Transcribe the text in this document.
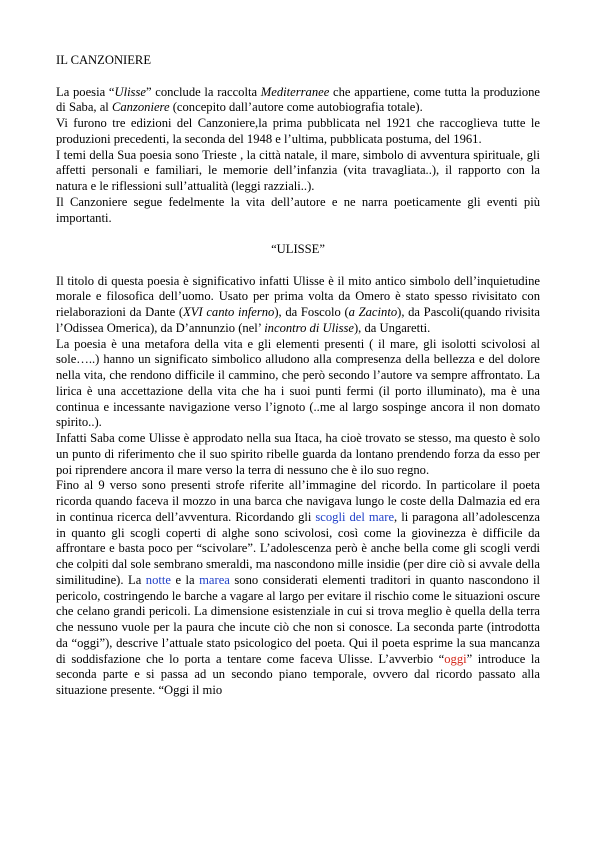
IL CANZONIERE

La poesia “Ulisse” conclude la raccolta Mediterranee che appartiene, come tutta la produzione di Saba, al Canzoniere (concepito dall’autore come autobiografia totale).

Vi furono tre edizioni del Canzoniere,la prima pubblicata nel 1921 che raccoglieva tutte le produzioni precedenti, la seconda del 1948 e l’ultima, pubblicata postuma, del 1961.

I temi della Sua poesia sono Trieste , la città natale, il mare, simbolo di avventura spirituale, gli affetti personali e familiari, le memorie dell’infanzia (vita travagliata..), il rapporto con la natura e le riflessioni sull’attualità (leggi razziali..).

Il Canzoniere segue fedelmente la vita dell’autore e ne narra poeticamente gli eventi più importanti.

“ULISSE”

Il titolo di questa poesia è significativo infatti Ulisse è il mito antico simbolo dell’inquietudine morale e filosofica dell’uomo. Usato per prima volta da Omero è stato spesso rivisitato con rielaborazioni da Dante (XVI canto inferno), da Foscolo (a Zacinto), da Pascoli(quando rivisita l’Odissea Omerica), da D’annunzio (nel’ incontro di Ulisse), da Ungaretti.

La poesia è una metafora della vita e gli elementi presenti ( il mare, gli isolotti scivolosi al sole…..) hanno un significato simbolico alludono alla compresenza della bellezza e del dolore nella vita, che rendono difficile il cammino, che però secondo l’autore va sempre affrontato. La lirica è una accettazione della vita che ha i suoi punti fermi (il porto illuminato), ma è una continua e incessante navigazione verso l’ignoto (..me al largo sospinge ancora il non domato spirito..).

Infatti Saba come Ulisse è approdato nella sua Itaca, ha cioè trovato se stesso, ma questo è solo un punto di riferimento che il suo spirito ribelle guarda da lontano prendendo forza da esso per poi riprendere ancora il mare verso la terra di nessuno che è ilo suo regno.

Fino al 9 verso sono presenti strofe riferite all’immagine del ricordo. In particolare il poeta ricorda quando faceva il mozzo in una barca che navigava lungo le coste della Dalmazia ed era in continua ricerca dell’avventura. Ricordando gli scogli del mare, li paragona all’adolescenza in quanto gli scogli coperti di alghe sono scivolosi, così come la giovinezza è difficile da affrontare e basta poco per “scivolare”. L’adolescenza però è anche bella come gli scogli verdi che colpiti dal sole sembrano smeraldi, ma nascondono mille insidie (per dire ciò si avvale della similitudine). La notte e la marea sono considerati elementi traditori in quanto nascondono il pericolo, costringendo le barche a vagare al largo per evitare il rischio come le situazioni oscure che celano grandi pericoli. La dimensione esistenziale in cui si trova meglio è quella della terra che nessuno vuole per la paura che incute ciò che non si conosce. La seconda parte (introdotta da “oggi”), descrive l’attuale stato psicologico del poeta. Qui il poeta esprime la sua mancanza di soddisfazione che lo porta a tentare come faceva Ulisse. L’avverbio “oggi” introduce la seconda parte e si passa ad un secondo piano temporale, ovvero dal ricordo passato alla situazione presente. “Oggi il mio
